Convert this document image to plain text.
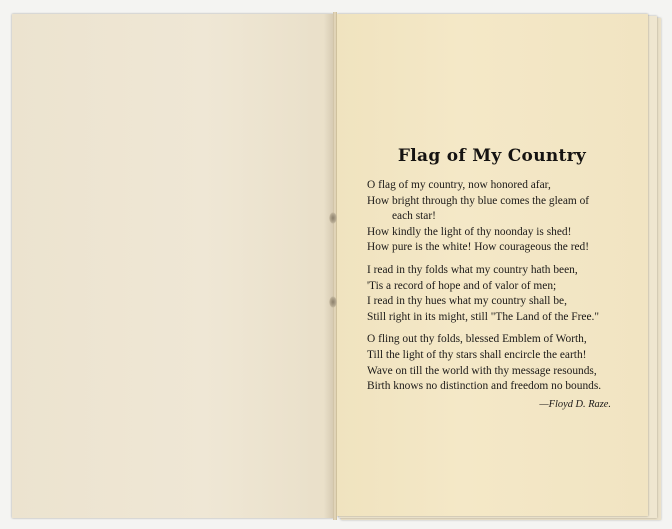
Flag of My Country
O flag of my country, now honored afar,
How bright through thy blue comes the gleam of
each star!
How kindly the light of thy noonday is shed!
How pure is the white! How courageous the red!
I read in thy folds what my country hath been,
'Tis a record of hope and of valor of men;
I read in thy hues what my country shall be,
Still right in its might, still "The Land of the Free."
O fling out thy folds, blessed Emblem of Worth,
Till the light of thy stars shall encircle the earth!
Wave on till the world with thy message resounds,
Birth knows no distinction and freedom no bounds.
—Floyd D. Raze.
